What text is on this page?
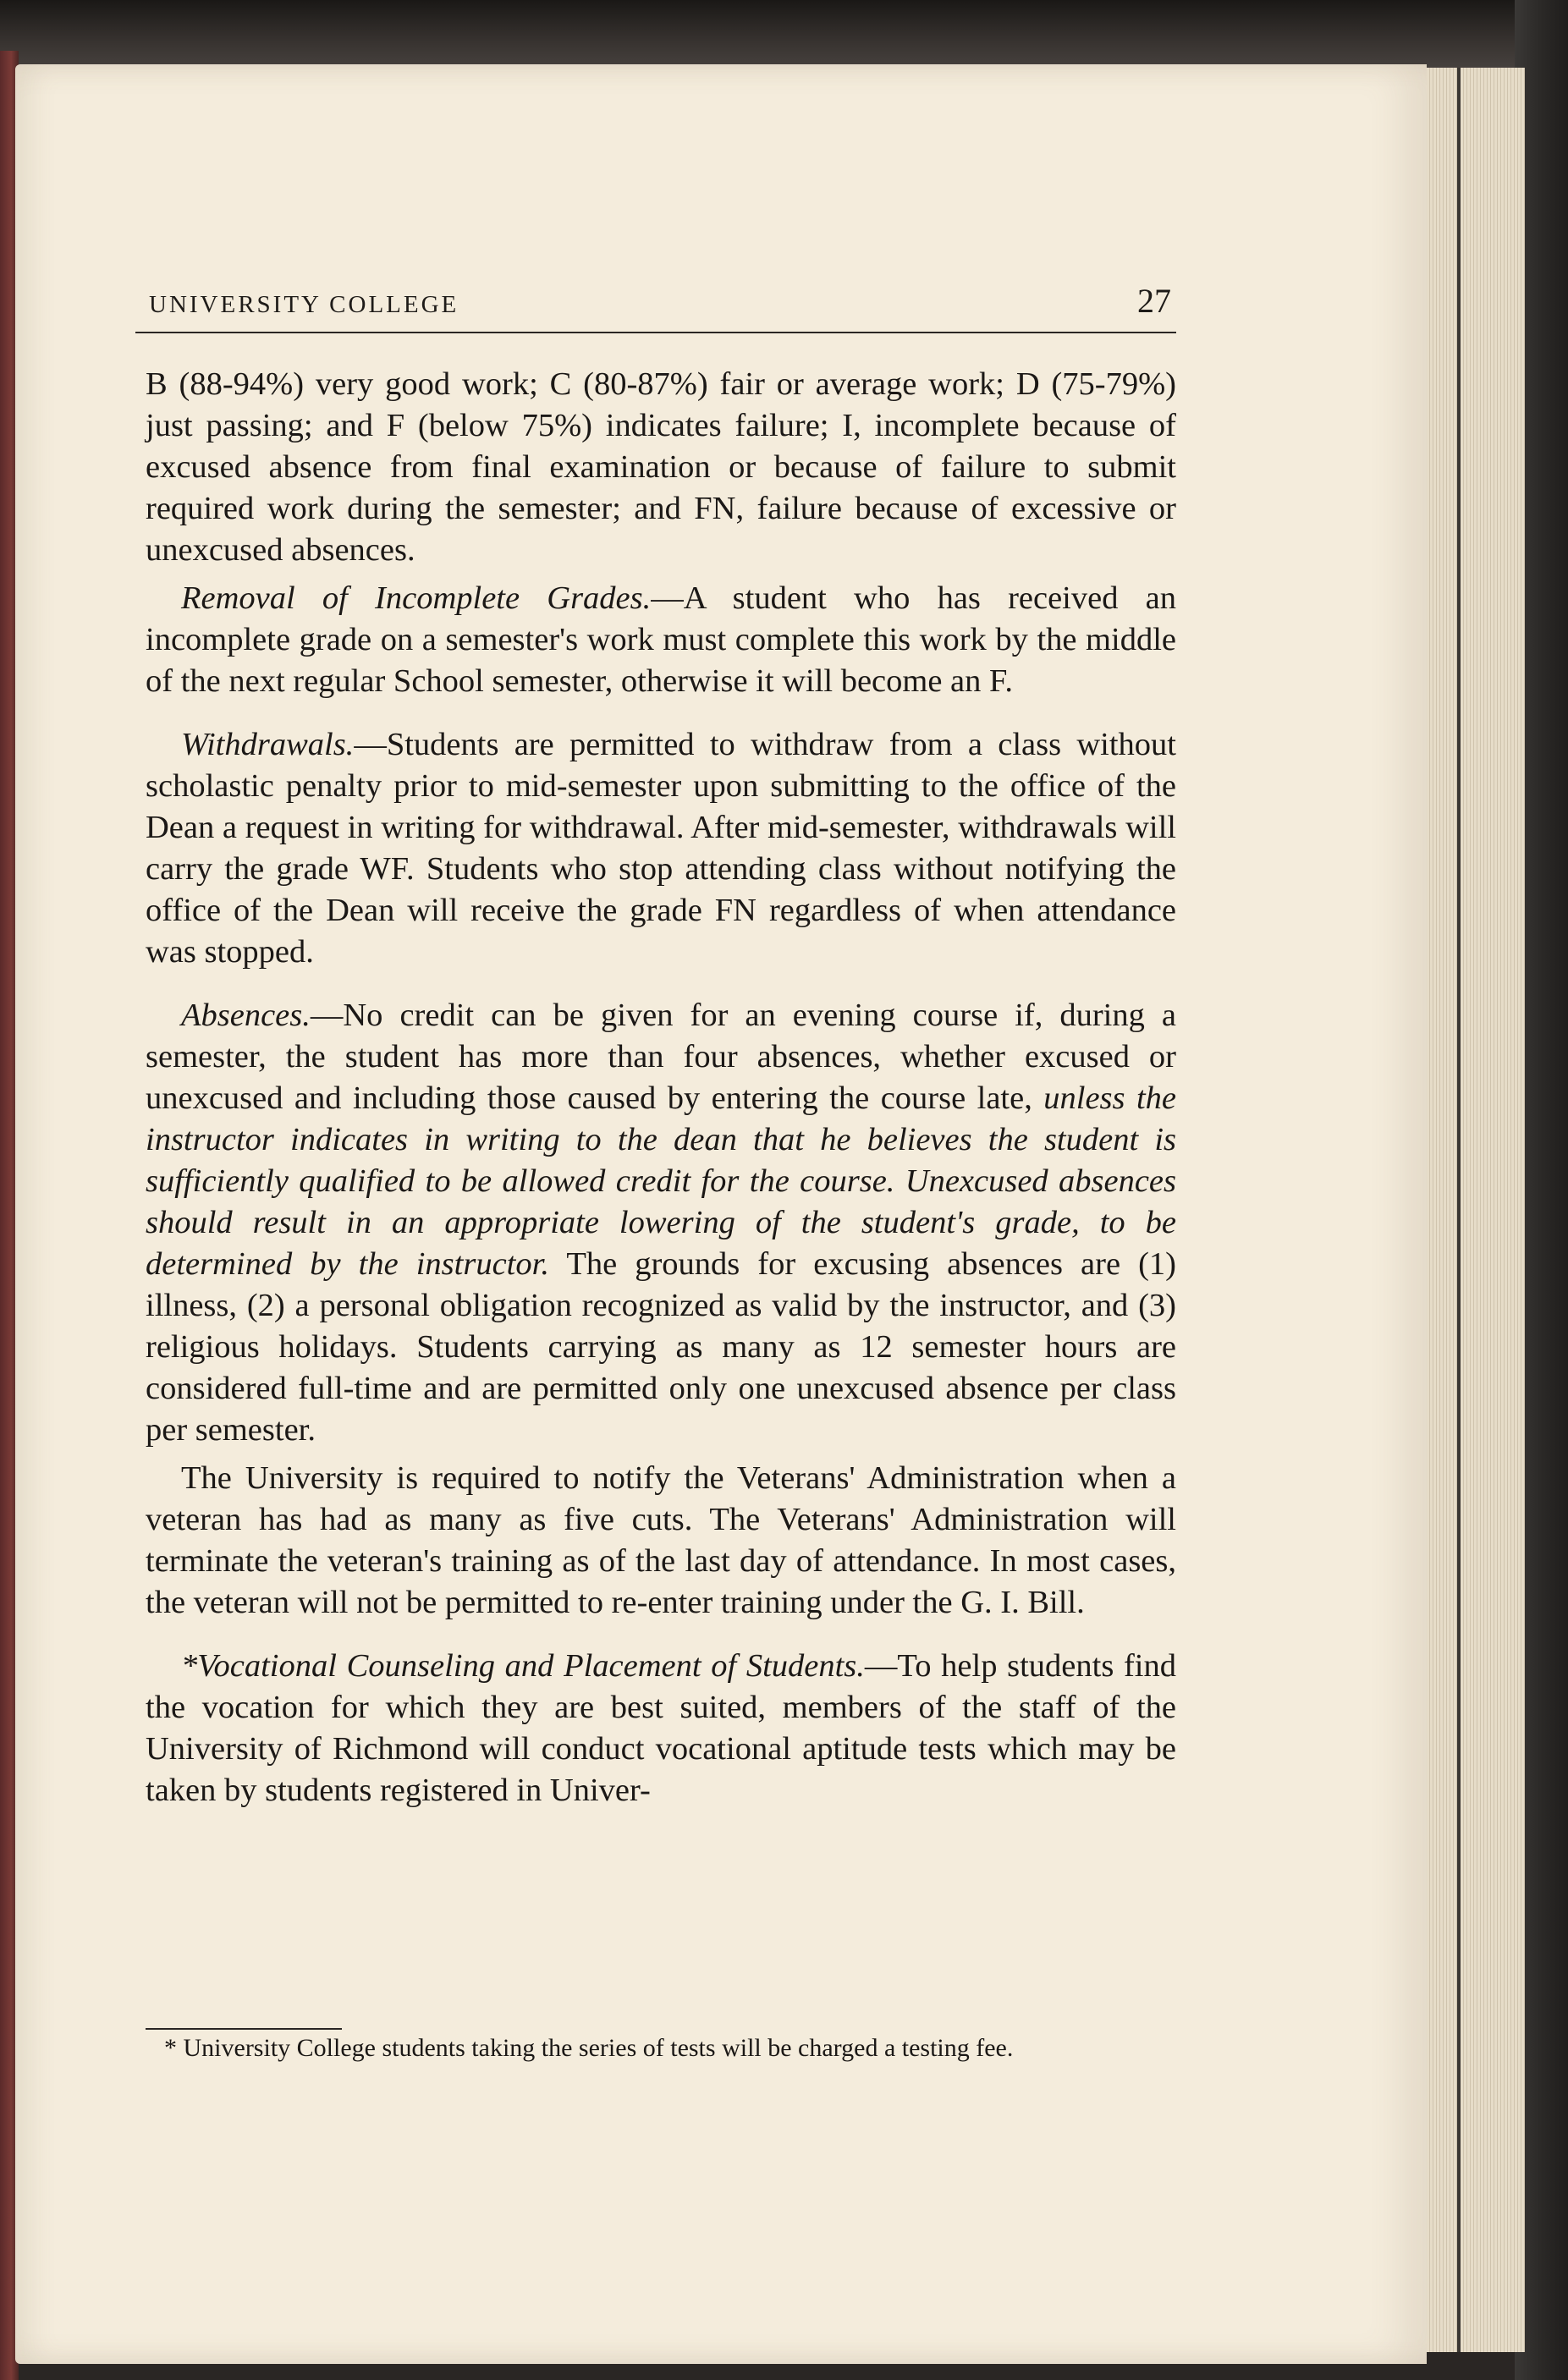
UNIVERSITY COLLEGE	27

B (88-94%) very good work; C (80-87%) fair or average work; D (75-79%) just passing; and F (below 75%) indicates failure; I, incomplete because of excused absence from final examination or because of failure to submit required work during the semester; and FN, failure because of excessive or unexcused absences.

Removal of Incomplete Grades.—A student who has received an incomplete grade on a semester's work must complete this work by the middle of the next regular School semester, otherwise it will become an F.

Withdrawals.—Students are permitted to withdraw from a class without scholastic penalty prior to mid-semester upon submitting to the office of the Dean a request in writing for withdrawal. After mid-semester, withdrawals will carry the grade WF. Students who stop attending class without notifying the office of the Dean will receive the grade FN regardless of when attendance was stopped.

Absences.—No credit can be given for an evening course if, during a semester, the student has more than four absences, whether excused or unexcused and including those caused by entering the course late, unless the instructor indicates in writing to the dean that he believes the student is sufficiently qualified to be allowed credit for the course. Unexcused absences should result in an appropriate lowering of the student's grade, to be determined by the instructor. The grounds for excusing absences are (1) illness, (2) a personal obligation recognized as valid by the instructor, and (3) religious holidays. Students carrying as many as 12 semester hours are considered full-time and are permitted only one unexcused absence per class per semester.

The University is required to notify the Veterans' Administration when a veteran has had as many as five cuts. The Veterans' Administration will terminate the veteran's training as of the last day of attendance. In most cases, the veteran will not be permitted to re-enter training under the G. I. Bill.

*Vocational Counseling and Placement of Students.—To help students find the vocation for which they are best suited, members of the staff of the University of Richmond will conduct vocational aptitude tests which may be taken by students registered in Univer-

* University College students taking the series of tests will be charged a testing fee.
